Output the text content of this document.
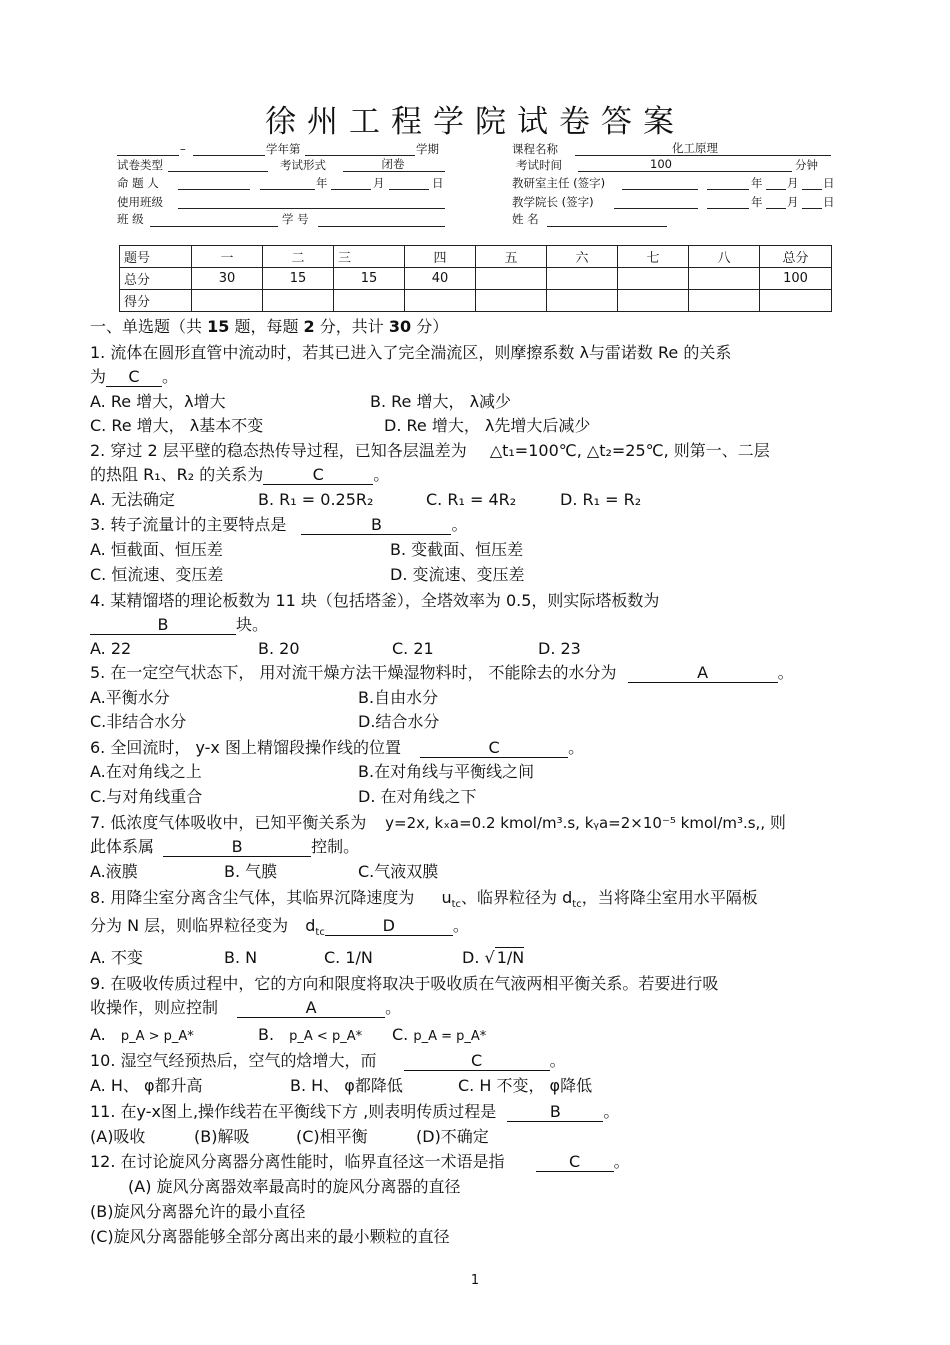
徐州工程学院试卷答案
–	学年第	学期	课程名称	化工原理
试卷类型	考试形式	闭卷	考试时间	100	分钟
命 题 人	年	月	日	教研室主任 (签字)	年 月 日
使用班级	教学院长 (签字)	年 月 日
班 级	学 号	姓 名
题号	一	二	三	四	五	六	七	八	总分
总分	30	15	15	40					100
得分									
一、单选题（共 15 题，每题 2 分，共计 30 分）
1. 流体在圆形直管中流动时，若其已进入了完全湍流区，则摩擦系数 λ与雷诺数 Re 的关系
为 C 。
A. Re 增大，λ增大	B. Re 增大， λ减少
C. Re 增大， λ基本不变	D. Re 增大， λ先增大后减少
2. 穿过 2 层平壁的稳态热传导过程，已知各层温差为 △t₁=100℃, △t₂=25℃, 则第一、二层
的热阻 R₁、R₂ 的关系为	C	。
A. 无法确定	B. R₁ = 0.25R₂	C. R₁ = 4R₂	D. R₁ = R₂
3. 转子流量计的主要特点是	B	。
A. 恒截面、恒压差	B. 变截面、恒压差
C. 恒流速、变压差	D. 变流速、变压差
4. 某精馏塔的理论板数为 11 块（包括塔釜），全塔效率为 0.5，则实际塔板数为
B	块。
A. 22	B. 20	C. 21	D. 23
5. 在一定空气状态下， 用对流干燥方法干燥湿物料时， 不能除去的水分为	A	。
A.平衡水分	B.自由水分
C.非结合水分	D.结合水分
6. 全回流时， y-x 图上精馏段操作线的位置	C	。
A.在对角线之上	B.在对角线与平衡线之间
C.与对角线重合	D. 在对角线之下
7. 低浓度气体吸收中，已知平衡关系为 y=2x, kₓa=0.2 kmol/m³.s, kᵧa=2×10⁻⁵ kmol/m³.s,, 则
此体系属	B	控制。
A.液膜	B. 气膜	C.气液双膜
8. 用降尘室分离含尘气体，其临界沉降速度为 $u_{tc}$、临界粒径为 $d_{tc}$，当将降尘室用水平隔板
分为 N 层，则临界粒径变为 $d_{tc}$	D	。
A. 不变	B. N	C. 1/N	D. √ 1/N
9. 在吸收传质过程中，它的方向和限度将取决于吸收质在气液两相平衡关系。若要进行吸
收操作，则应控制	A	。
A. p_A > p_A*	B. p_A < p_A* C. p_A = p_A*
10. 湿空气经预热后，空气的焓增大，而	C	。
A. H、 φ都升高	B. H、 φ都降低	C. H 不变， φ降低
11. 在y-x图上,操作线若在平衡线下方 ,则表明传质过程是	B	。
(A)吸收	(B)解吸	(C)相平衡	(D)不确定
12. 在讨论旋风分离器分离性能时，临界直径这一术语是指	C 。
(A) 旋风分离器效率最高时的旋风分离器的直径
(B)旋风分离器允许的最小直径
(C)旋风分离器能够全部分离出来的最小颗粒的直径
1
